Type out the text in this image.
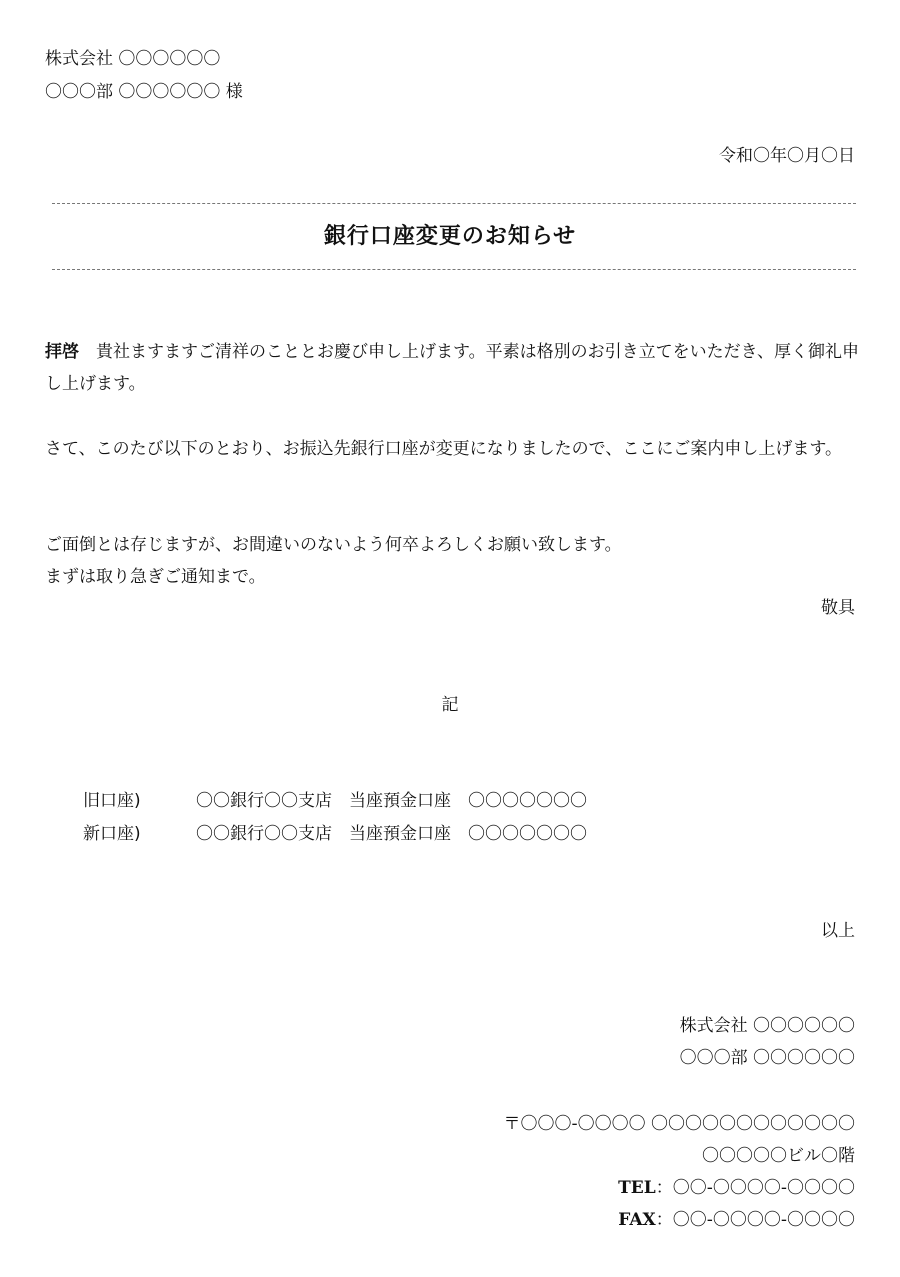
株式会社 〇〇〇〇〇〇
〇〇〇部 〇〇〇〇〇〇 様
令和〇年〇月〇日
銀行口座変更のお知らせ
拝啓　 貴社ますますご清祥のこととお慶び申し上げます。平素は格別のお引き立てをいただき、厚く御礼申し上げます。
さて、このたび以下のとおり、お振込先銀行口座が変更になりましたので、ここにご案内申し上げます。
ご面倒とは存じますが、お間違いのないよう何卒よろしくお願い致します。
まずは取り急ぎご通知まで。
敬具
記
旧口座)	〇〇銀行〇〇支店　当座預金口座　〇〇〇〇〇〇〇
新口座)	〇〇銀行〇〇支店　当座預金口座　〇〇〇〇〇〇〇
以上
株式会社 〇〇〇〇〇〇
〇〇〇部 〇〇〇〇〇〇
〒〇〇〇-〇〇〇〇 〇〇〇〇〇〇〇〇〇〇〇〇
〇〇〇〇〇ビル〇階
TEL：〇〇-〇〇〇〇-〇〇〇〇
FAX：〇〇-〇〇〇〇-〇〇〇〇
